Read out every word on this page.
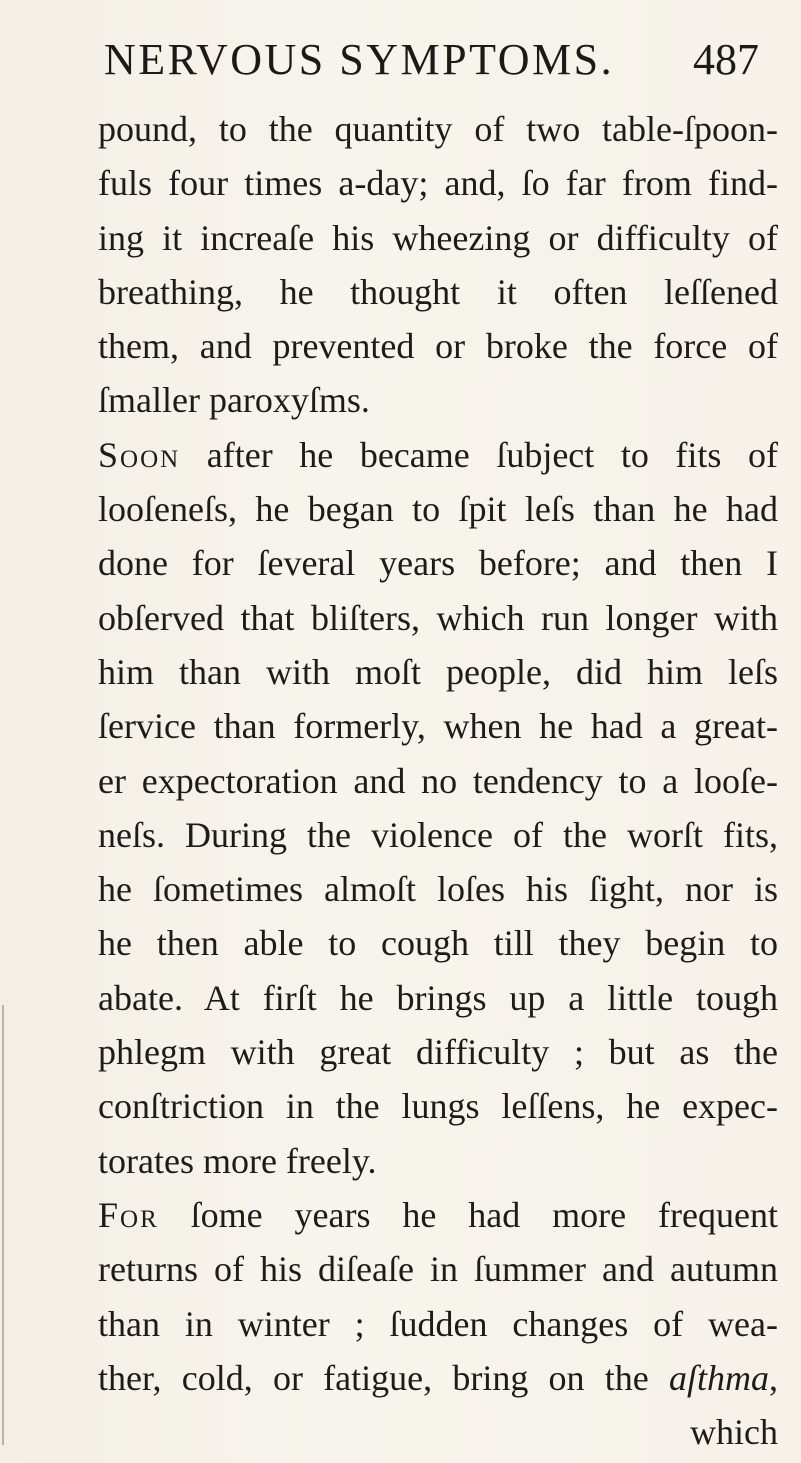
NERVOUS SYMPTOMS. 487
pound, to the quantity of two table-ſpoon-
fuls four times a-day; and, ſo far from find-
ing it increaſe his wheezing or difficulty of
breathing, he thought it often leſſened
them, and prevented or broke the force of
ſmaller paroxyſms.
Soon after he became ſubject to fits of
looſeneſs, he began to ſpit leſs than he had
done for ſeveral years before; and then I
obſerved that bliſters, which run longer with
him than with moſt people, did him leſs
ſervice than formerly, when he had a great-
er expectoration and no tendency to a looſe-
neſs. During the violence of the worſt fits,
he ſometimes almoſt loſes his ſight, nor is
he then able to cough till they begin to
abate. At firſt he brings up a little tough
phlegm with great difficulty ; but as the
conſtriction in the lungs leſſens, he expec-
torates more freely.
For ſome years he had more frequent
returns of his diſeaſe in ſummer and autumn
than in winter ; ſudden changes of wea-
ther, cold, or fatigue, bring on the aſthma,
which
